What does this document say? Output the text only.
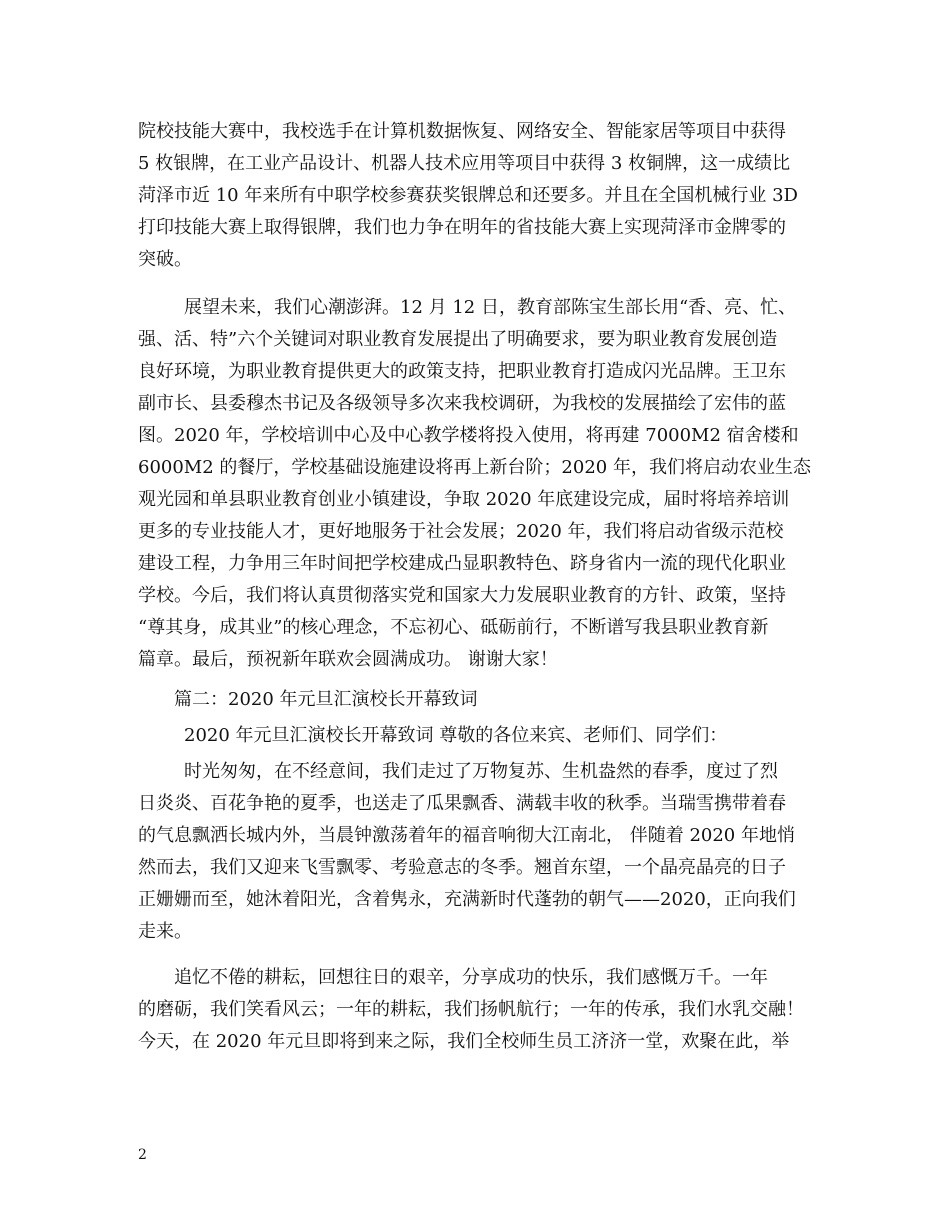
院校技能大赛中，我校选手在计算机数据恢复、网络安全、智能家居等项目中获得
5 枚银牌，在工业产品设计、机器人技术应用等项目中获得 3 枚铜牌，这一成绩比
菏泽市近 10 年来所有中职学校参赛获奖银牌总和还要多。并且在全国机械行业 3D
打印技能大赛上取得银牌，我们也力争在明年的省技能大赛上实现菏泽市金牌零的
突破。
展望未来，我们心潮澎湃。12 月 12 日，教育部陈宝生部长用“香、亮、忙、
强、活、特”六个关键词对职业教育发展提出了明确要求，要为职业教育发展创造
良好环境，为职业教育提供更大的政策支持，把职业教育打造成闪光品牌。王卫东
副市长、县委穆杰书记及各级领导多次来我校调研，为我校的发展描绘了宏伟的蓝
图。2020 年，学校培训中心及中心教学楼将投入使用，将再建 7000M2 宿舍楼和
6000M2 的餐厅，学校基础设施建设将再上新台阶；2020 年，我们将启动农业生态
观光园和单县职业教育创业小镇建设，争取 2020 年底建设完成，届时将培养培训
更多的专业技能人才，更好地服务于社会发展；2020 年，我们将启动省级示范校
建设工程，力争用三年时间把学校建成凸显职教特色、跻身省内一流的现代化职业
学校。今后，我们将认真贯彻落实党和国家大力发展职业教育的方针、政策，坚持
“尊其身，成其业”的核心理念，不忘初心、砥砺前行，不断谱写我县职业教育新
篇章。最后，预祝新年联欢会圆满成功。 谢谢大家！
篇二：2020 年元旦汇演校长开幕致词
2020 年元旦汇演校长开幕致词 尊敬的各位来宾、老师们、同学们：
时光匆匆，在不经意间，我们走过了万物复苏、生机盎然的春季，度过了烈
日炎炎、百花争艳的夏季，也送走了瓜果飘香、满载丰收的秋季。当瑞雪携带着春
的气息飘洒长城内外，当晨钟激荡着年的福音响彻大江南北， 伴随着 2020 年地悄
然而去，我们又迎来飞雪飘零、考验意志的冬季。翘首东望，一个晶亮晶亮的日子
正姗姗而至，她沐着阳光，含着隽永，充满新时代蓬勃的朝气——2020，正向我们
走来。
追忆不倦的耕耘，回想往日的艰辛，分享成功的快乐，我们感慨万千。一年
的磨砺，我们笑看风云；一年的耕耘，我们扬帆航行；一年的传承，我们水乳交融！
今天，在 2020 年元旦即将到来之际，我们全校师生员工济济一堂，欢聚在此，举
2
